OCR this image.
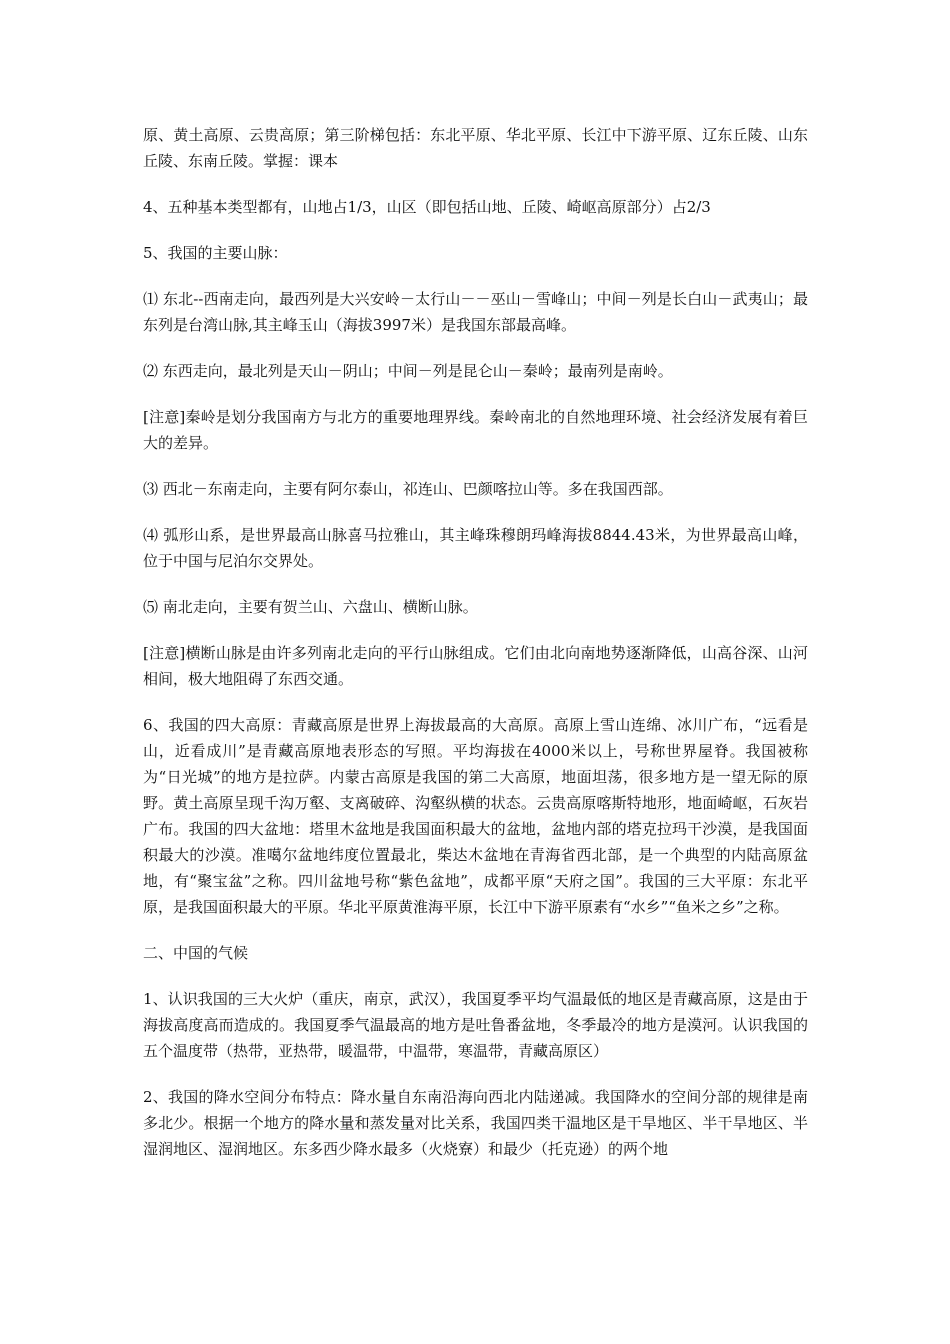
原、黄土高原、云贵高原；第三阶梯包括：东北平原、华北平原、长江中下游平原、辽东丘陵、山东丘陵、东南丘陵。掌握：课本

4、五种基本类型都有，山地占1/3，山区（即包括山地、丘陵、崎岖高原部分）占2/3

5、我国的主要山脉：

⑴ 东北--西南走向，最西列是大兴安岭－太行山－－巫山－雪峰山；中间－列是长白山－武夷山；最东列是台湾山脉,其主峰玉山（海拔3997米）是我国东部最高峰。

⑵ 东西走向，最北列是天山－阴山；中间－列是昆仑山－秦岭；最南列是南岭。

[注意]秦岭是划分我国南方与北方的重要地理界线。秦岭南北的自然地理环境、社会经济发展有着巨大的差异。

⑶ 西北－东南走向，主要有阿尔泰山，祁连山、巴颜喀拉山等。多在我国西部。

⑷ 弧形山系，是世界最高山脉喜马拉雅山，其主峰珠穆朗玛峰海拔8844.43米，为世界最高山峰，位于中国与尼泊尔交界处。

⑸ 南北走向，主要有贺兰山、六盘山、横断山脉。

[注意]横断山脉是由许多列南北走向的平行山脉组成。它们由北向南地势逐渐降低，山高谷深、山河相间，极大地阻碍了东西交通。

6、我国的四大高原：青藏高原是世界上海拔最高的大高原。高原上雪山连绵、冰川广布，“远看是山，近看成川”是青藏高原地表形态的写照。平均海拔在4000米以上，号称世界屋脊。我国被称为“日光城”的地方是拉萨。内蒙古高原是我国的第二大高原，地面坦荡，很多地方是一望无际的原野。黄土高原呈现千沟万壑、支离破碎、沟壑纵横的状态。云贵高原喀斯特地形，地面崎岖，石灰岩广布。我国的四大盆地：塔里木盆地是我国面积最大的盆地，盆地内部的塔克拉玛干沙漠，是我国面积最大的沙漠。准噶尔盆地纬度位置最北，柴达木盆地在青海省西北部，是一个典型的内陆高原盆地，有“聚宝盆”之称。四川盆地号称“紫色盆地”，成都平原“天府之国”。我国的三大平原：东北平原，是我国面积最大的平原。华北平原黄淮海平原，长江中下游平原素有“水乡”“鱼米之乡”之称。

二、中国的气候

1、认识我国的三大火炉（重庆，南京，武汉），我国夏季平均气温最低的地区是青藏高原，这是由于海拔高度高而造成的。我国夏季气温最高的地方是吐鲁番盆地，冬季最冷的地方是漠河。认识我国的五个温度带（热带，亚热带，暖温带，中温带，寒温带，青藏高原区）

2、我国的降水空间分布特点：降水量自东南沿海向西北内陆递减。我国降水的空间分部的规律是南多北少。根据一个地方的降水量和蒸发量对比关系，我国四类干温地区是干旱地区、半干旱地区、半湿润地区、湿润地区。东多西少降水最多（火烧寮）和最少（托克逊）的两个地
